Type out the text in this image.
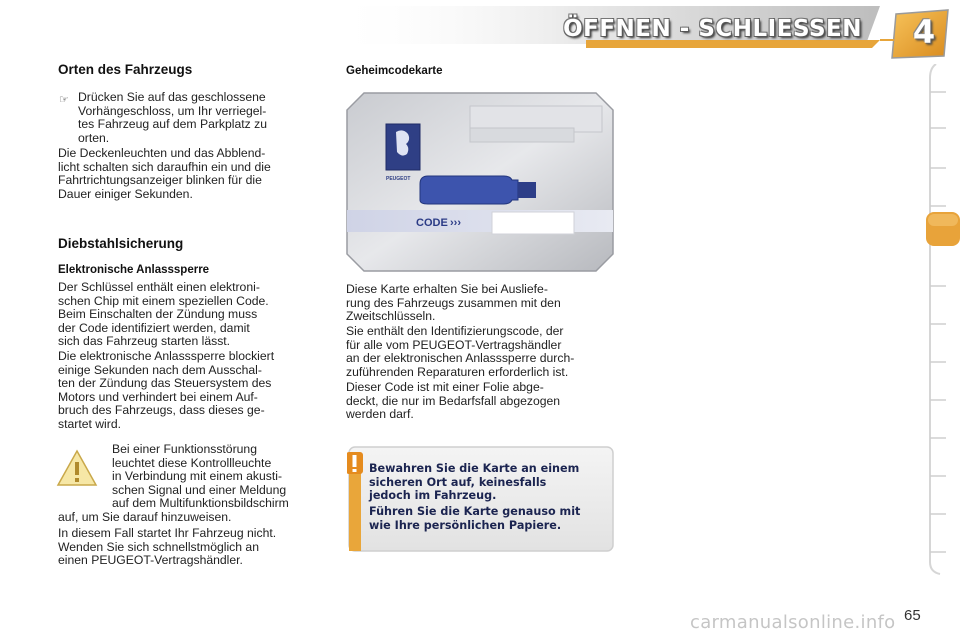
ÖFFNEN - SCHLIESSEN 4
Orten des Fahrzeugs
☞ Drücken Sie auf das geschlossene
Vorhängeschloss, um Ihr verriegel-
tes Fahrzeug auf dem Parkplatz zu
orten.
Die Deckenleuchten und das Abblend-
licht schalten sich daraufhin ein und die
Fahrtrichtungsanzeiger blinken für die
Dauer einiger Sekunden.
Diebstahlsicherung
Elektronische Anlasssperre
Der Schlüssel enthält einen elektroni-
schen Chip mit einem speziellen Code.
Beim Einschalten der Zündung muss
der Code identifiziert werden, damit
sich das Fahrzeug starten lässt.
Die elektronische Anlasssperre blockiert
einige Sekunden nach dem Ausschal-
ten der Zündung das Steuersystem des
Motors und verhindert bei einem Auf-
bruch des Fahrzeugs, dass dieses ge-
startet wird.
Bei einer Funktionsstörung
leuchtet diese Kontrollleuchte
in Verbindung mit einem akusti-
schen Signal und einer Meldung
auf dem Multifunktionsbildschirm
auf, um Sie darauf hinzuweisen.
In diesem Fall startet Ihr Fahrzeug nicht.
Wenden Sie sich schnellstmöglich an
einen PEUGEOT-Vertragshändler.
Geheimcodekarte
CODE ›››
PEUGEOT
Diese Karte erhalten Sie bei Ausliefe-
rung des Fahrzeugs zusammen mit den
Zweitschlüsseln.
Sie enthält den Identifizierungscode, der
für alle vom PEUGEOT-Vertragshändler
an der elektronischen Anlasssperre durch-
zuführenden Reparaturen erforderlich ist.
Dieser Code ist mit einer Folie abge-
deckt, die nur im Bedarfsfall abgezogen
werden darf.
Bewahren Sie die Karte an einem
sicheren Ort auf, keinesfalls
jedoch im Fahrzeug.
Führen Sie die Karte genauso mit
wie Ihre persönlichen Papiere.
carmanualsonline.info 65
